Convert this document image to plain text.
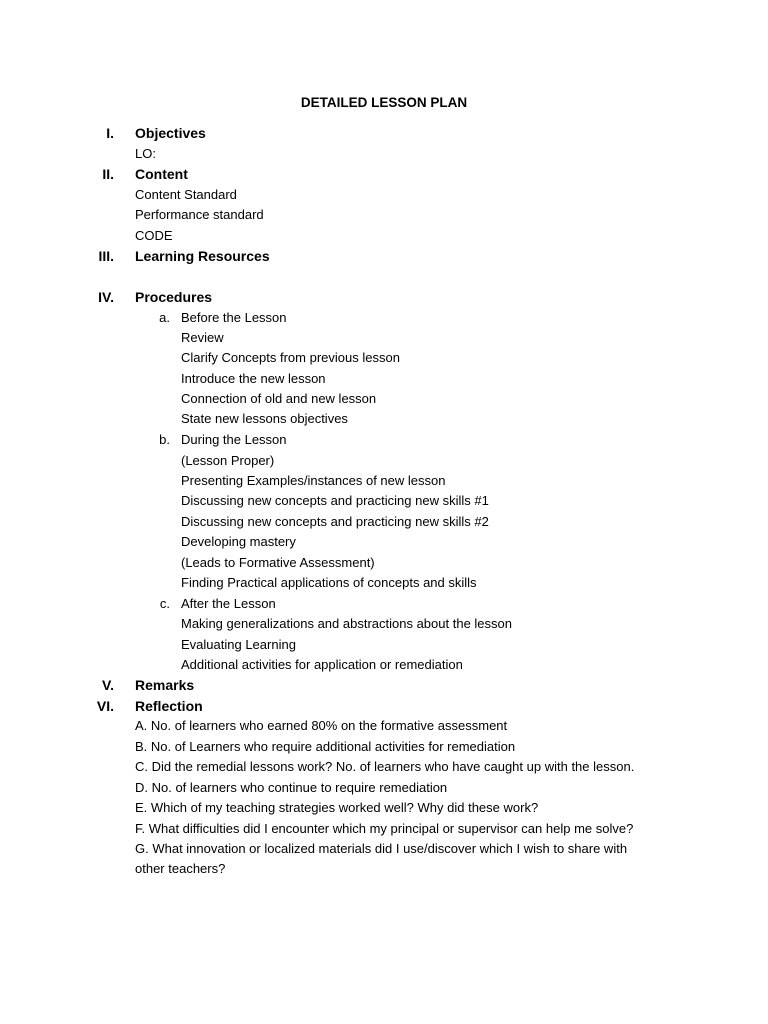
DETAILED LESSON PLAN
I. Objectives
LO:
II. Content
Content Standard
Performance standard
CODE
III. Learning Resources
IV. Procedures
a. Before the Lesson
Review
Clarify Concepts from previous lesson
Introduce the new lesson
Connection of old and new lesson
State new lessons objectives
b. During the Lesson
(Lesson Proper)
Presenting Examples/instances of new lesson
Discussing new concepts and practicing new skills #1
Discussing new concepts and practicing new skills #2
Developing mastery
(Leads to Formative Assessment)
Finding Practical applications of concepts and skills
c. After the Lesson
Making generalizations and abstractions about the lesson
Evaluating Learning
Additional activities for application or remediation
V. Remarks
VI. Reflection
A. No. of learners who earned 80% on the formative assessment
B. No. of Learners who require additional activities for remediation
C. Did the remedial lessons work? No. of learners who have caught up with the lesson.
D. No. of learners who continue to require remediation
E. Which of my teaching strategies worked well? Why did these work?
F. What difficulties did I encounter which my principal or supervisor can help me solve?
G. What innovation or localized materials did I use/discover which I wish to share with
other teachers?
